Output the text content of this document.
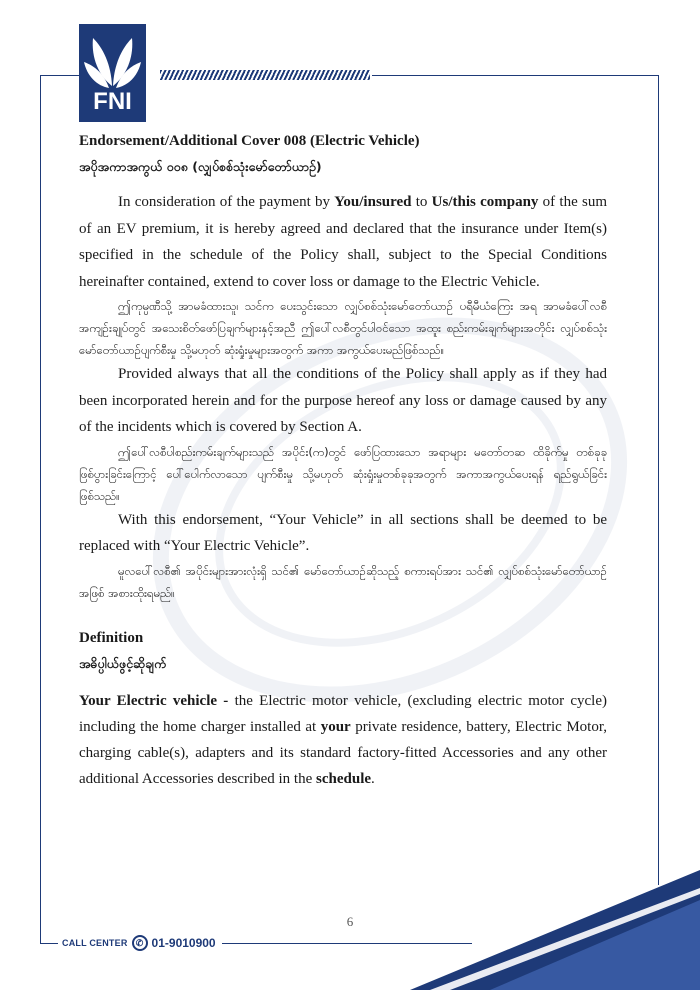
FNI

Endorsement/Additional Cover 008 (Electric Vehicle)

အပိုအကာအကွယ် ၀၀၈ (လျှပ်စစ်သုံးမော်တော်ယာဉ်)

In consideration of the payment by You/insured to Us/this company of the sum of an EV premium, it is hereby agreed and declared that the insurance under Item(s) specified in the schedule of the Policy shall, subject to the Special Conditions hereinafter contained, extend to cover loss or damage to the Electric Vehicle.

ဤကုမ္ပဏီသို့ အာမခံထားသူ၊ သင်က ပေးသွင်းသော လျှပ်စစ်သုံးမော်တော်ယာဉ် ပရီမီယံကြေး အရ အာမခံပေါ်လစီအကျဉ်းချုပ်တွင် အသေးစိတ်ဖော်ပြချက်များနှင့်အညီ ဤပေါ်လစီတွင်ပါဝင်သော အထူး စည်းကမ်းချက်များအတိုင်း လျှပ်စစ်သုံးမော်တော်ယာဉ်ပျက်စီးမှု သို့မဟုတ် ဆုံးရှုံးမှုများအတွက် အကာ အကွယ်ပေးမည်ဖြစ်သည်။

Provided always that all the conditions of the Policy shall apply as if they had been incorporated herein and for the purpose hereof any loss or damage caused by any of the incidents which is covered by Section A.

ဤပေါ်လစီပါစည်းကမ်းချက်များသည် အပိုင်း(က)တွင် ဖော်ပြထားသော အရာများ မတော်တဆ ထိခိုက်မှု တစ်ခုခုဖြစ်ပွားခြင်းကြောင့် ပေါ်ပေါက်လာသော ပျက်စီးမှု သို့မဟုတ် ဆုံးရှုံးမှုတစ်ခုခုအတွက် အကာအကွယ်ပေးရန် ရည်ရွယ်ခြင်းဖြစ်သည်။

With this endorsement, “Your Vehicle” in all sections shall be deemed to be replaced with “Your Electric Vehicle”.

မူလပေါ်လစီ၏ အပိုင်းများအားလုံးရှိ သင်၏ မော်တော်ယာဉ်ဆိုသည့် စကားရပ်အား သင်၏ လျှပ်စစ်သုံးမော်တော်ယာဉ်အဖြစ် အစားထိုးရမည်။

Definition

အဓိပ္ပါယ်ဖွင့်ဆိုချက်

Your Electric vehicle - the Electric motor vehicle, (excluding electric motor cycle) including the home charger installed at your private residence, battery, Electric Motor, charging cable(s), adapters and its standard factory-fitted Accessories and any other additional Accessories described in the schedule.

6
CALL CENTER ✆ 01-9010900
